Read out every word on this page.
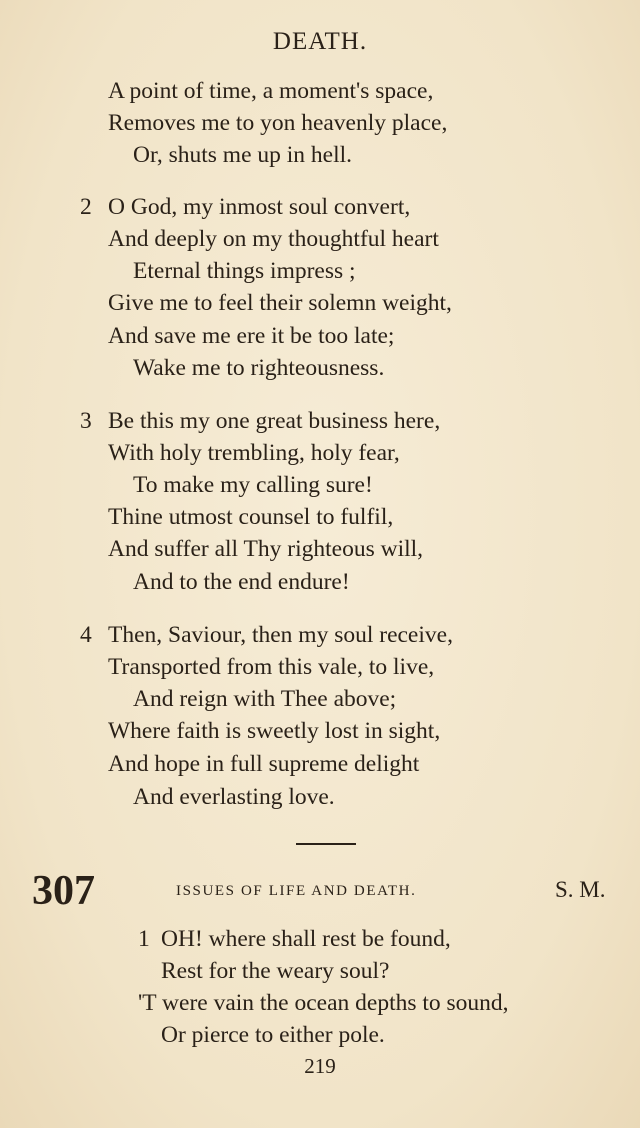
DEATH.
A point of time, a moment's space,
Removes me to yon heavenly place,
Or, shuts me up in hell.
2 O God, my inmost soul convert,
And deeply on my thoughtful heart
Eternal things impress ;
Give me to feel their solemn weight,
And save me ere it be too late;
Wake me to righteousness.
3 Be this my one great business here,
With holy trembling, holy fear,
To make my calling sure!
Thine utmost counsel to fulfil,
And suffer all Thy righteous will,
And to the end endure!
4 Then, Saviour, then my soul receive,
Transported from this vale, to live,
And reign with Thee above;
Where faith is sweetly lost in sight,
And hope in full supreme delight
And everlasting love.
307	ISSUES OF LIFE AND DEATH.	S. M.
1 OH! where shall rest be found,
Rest for the weary soul?
'T were vain the ocean depths to sound,
Or pierce to either pole.
219
